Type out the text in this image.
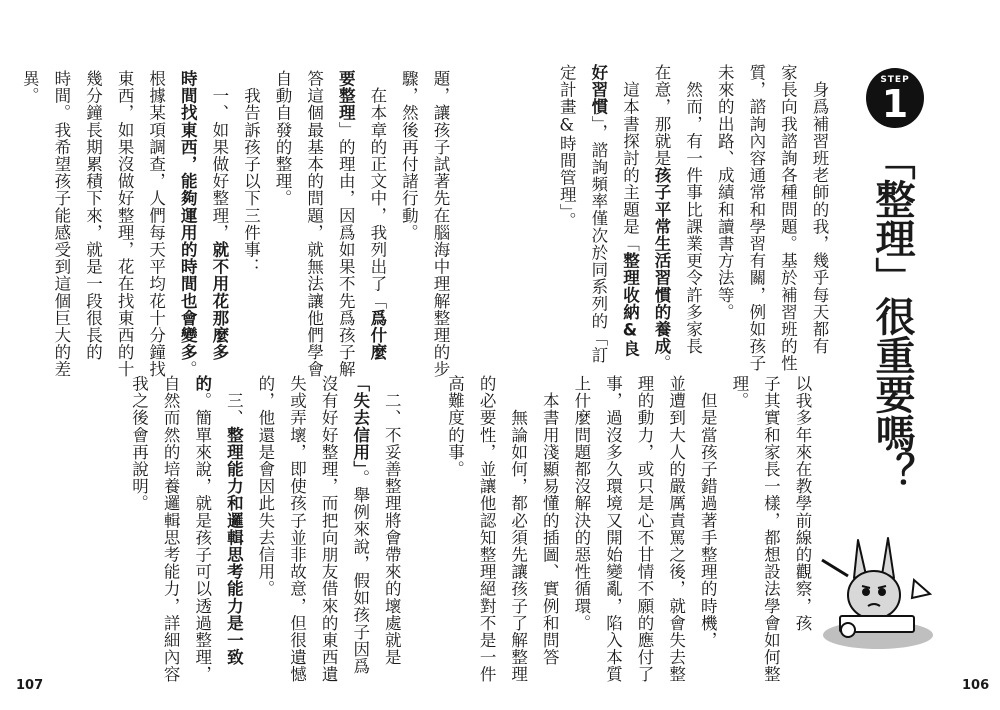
題，讓孩子試著先在腦海中理解整理的步

驟，然後再付諸行動。

　在本章的正文中，我列出了「爲什麼

要整理」的理由，因爲如果不先爲孩子解

答這個最基本的問題，就無法讓他們學會

自動自發的整理。

　我告訴孩子以下三件事：

　一、如果做好整理，就不用花那麼多

時間找東西，能夠運用的時間也會變多。

根據某項調查，人們每天平均花十分鐘找

東西，如果沒做好整理，花在找東西的十

幾分鐘長期累積下來，就是一段很長的

時間。我希望孩子能感受到這個巨大的差

異。

107
STEP
1
「整理」很重要嗎？

　身爲補習班老師的我，幾乎每天都有

家長向我諮詢各種問題。基於補習班的性

質，諮詢內容通常和學習有關，例如孩子

未來的出路、成績和讀書方法等。

　然而，有一件事比課業更令許多家長

在意，那就是孩子平常生活習慣的養成。

　這本書探討的主題是「整理收納&良

好習慣」，諮詢頻率僅次於同系列的「訂

定計畫&時間管理」。

以我多年來在教學前線的觀察，孩

子其實和家長一樣，都想設法學會如何整

理。

　但是當孩子錯過著手整理的時機，

並遭到大人的嚴厲責罵之後，就會失去整

理的動力，或只是心不甘情不願的應付了

事，過沒多久環境又開始變亂，陷入本質

上什麼問題都沒解決的惡性循環。

　本書用淺顯易懂的插圖、實例和問答

　　無論如何，都必須先讓孩子了解整理

的必要性，並讓他認知整理絕對不是一件

高難度的事。

　二、不妥善整理將會帶來的壞處就是

「失去信用」。舉例來說，假如孩子因爲

沒有好好整理，而把向朋友借來的東西遺

失或弄壞，即使孩子並非故意，但很遺憾

的，他還是會因此失去信用。

　三、整理能力和邏輯思考能力是一致

的。簡單來說，就是孩子可以透過整理，

自然而然的培養邏輯思考能力，詳細內容

我之後會再說明。

106
